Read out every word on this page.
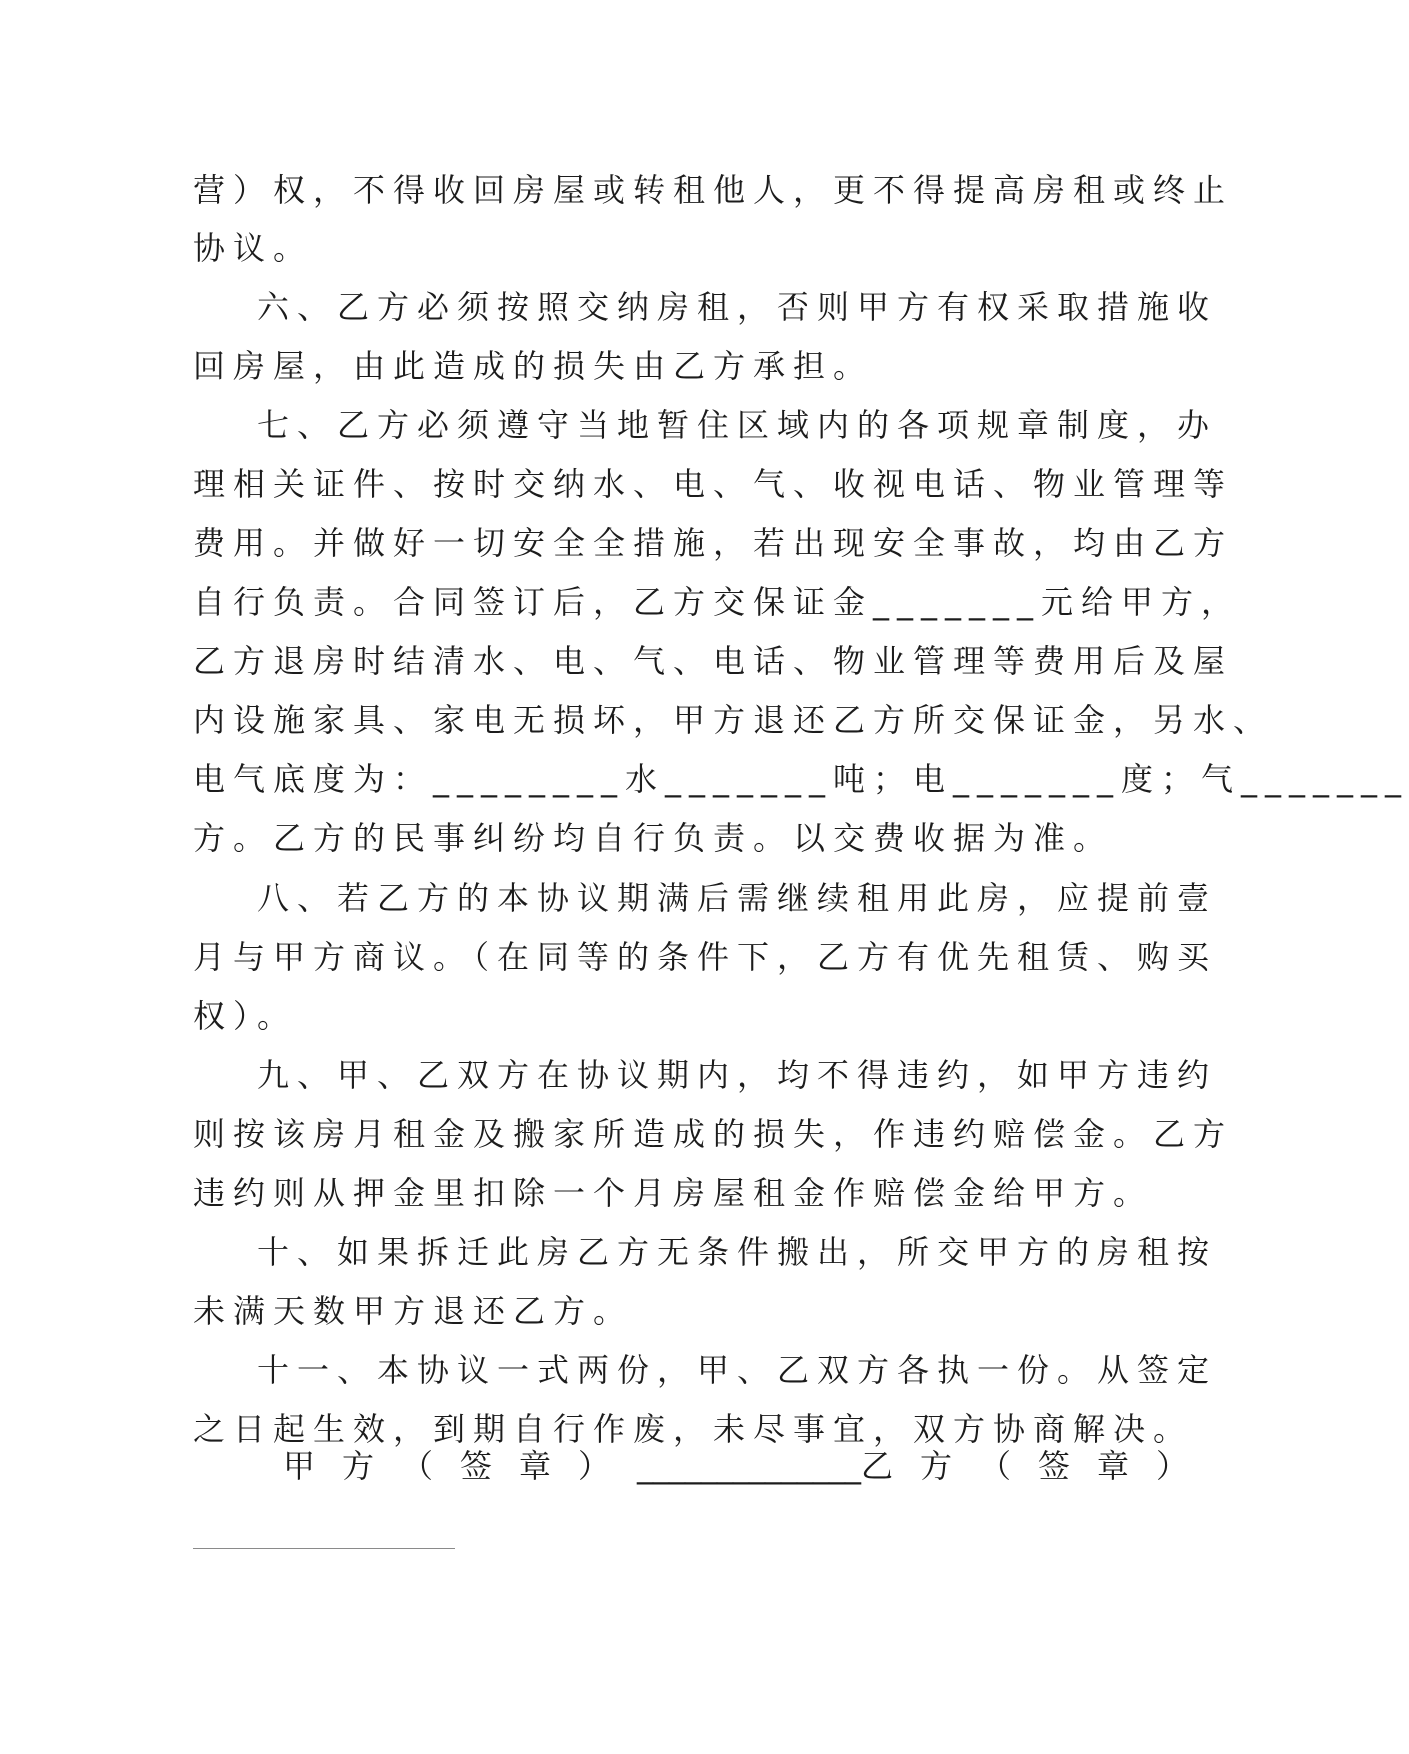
营）权，不得收回房屋或转租他人，更不得提高房租或终止
协议。
六、乙方必须按照交纳房租，否则甲方有权采取措施收
回房屋，由此造成的损失由乙方承担。
七、乙方必须遵守当地暂住区域内的各项规章制度，办
理相关证件、按时交纳水、电、气、收视电话、物业管理等
费用。并做好一切安全全措施，若出现安全事故，均由乙方
自行负责。合同签订后，乙方交保证金_______元给甲方，
乙方退房时结清水、电、气、电话、物业管理等费用后及屋
内设施家具、家电无损坏，甲方退还乙方所交保证金，另水、
电气底度为：________水_______吨；电_______度；气_______
方。乙方的民事纠纷均自行负责。以交费收据为准。
八、若乙方的本协议期满后需继续租用此房，应提前壹
月与甲方商议。（在同等的条件下，乙方有优先租赁、购买
权）。
九、甲、乙双方在协议期内，均不得违约，如甲方违约
则按该房月租金及搬家所造成的损失，作违约赔偿金。乙方
违约则从押金里扣除一个月房屋租金作赔偿金给甲方。
十、如果拆迁此房乙方无条件搬出，所交甲方的房租按
未满天数甲方退还乙方。
十一、本协议一式两份，甲、乙双方各执一份。从签定
之日起生效，到期自行作废，未尽事宜，双方协商解决。
甲方（签章）______________乙方（签章）
